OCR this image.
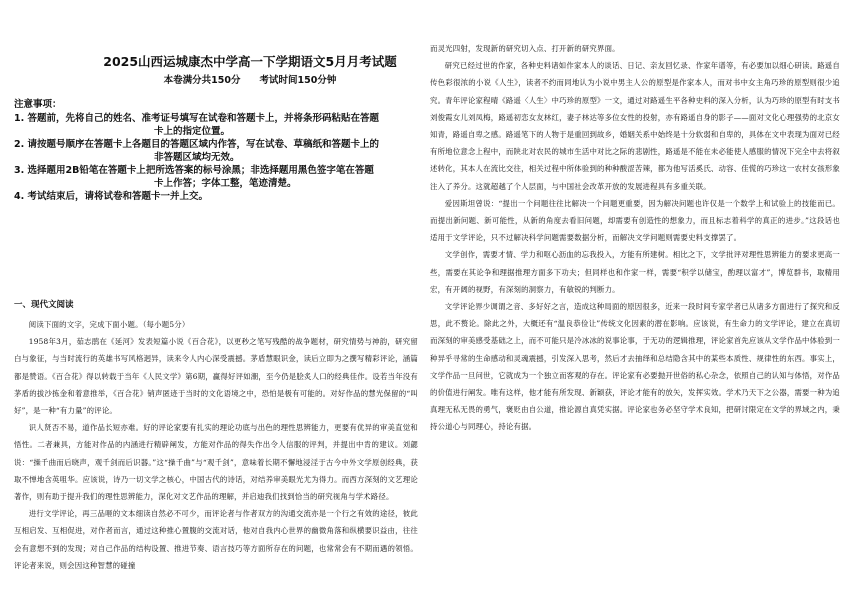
2025山西运城康杰中学高一下学期语文5月月考试题
本卷满分共150分　　考试时间150分钟
注意事项：
1. 答题前，先将自己的姓名、准考证号填写在试卷和答题卡上，并将条形码粘贴在答题
卡上的指定位置。
2. 请按题号顺序在答题卡上各题目的答题区域内作答，写在试卷、草稿纸和答题卡上的
非答题区域均无效。
3. 选择题用2B铅笔在答题卡上把所选答案的标号涂黑；非选择题用黑色签字笔在答题
卡上作答；字体工整，笔迹清楚。
4. 考试结束后，请将试卷和答题卡一并上交。
一、现代文阅读

阅读下面的文字，完成下面小题。（每小题5分）

1958年3月，茹志鹃在《延河》发表短篇小说《百合花》，以更秒之笔写残酷的战争题材，研究情势与神韵，研究留白与象征，与当时流行的英雄书写风格迥异，读来令人内心深受震撼。茅盾慧眼识金，读后立即为之撰写精彩评论，涵篇都是赞语。《百合花》得以转载于当年《人民文学》第6期，赢得好评如潮，至今仍是脍炙人口的经典佳作。设若当年没有茅盾的拔沙拣金和着意推举，《百合花》销声匿迹于当时的文化语境之中，恐怕是极有可能的。对好作品的慧光保留的“叫好”，是一种“有力量”的评论。

识人贤否不易，道作品长短亦难。好的评论家要有扎实的理论功底与出色的理性思辨能力，更要有优异的审美直觉和悟性。二者兼具，方能对作品的内涵进行精辟阐发，方能对作品的得失作出令人信服的评判，并提出中肯的建议。刘勰说：“操千曲而后晓声，观千剑而后识器。”这“操千曲”与“观千剑”，意味着长期不懈地浸淫于古今中外文学原创经典，获取不惮地含英咀华。应该说，诗乃一切文学之核心，中国古代的诗话，对结养审美眼光尤为得力。而西方深刻的文艺理论著作，则有助于提升我们的理性思辨能力，深化对文艺作品的理解，并启迪我们找到恰当的研究视角与学术路径。

进行文学评论，再三品咂的文本细读自然必不可少，而评论者与作者双方的沟通交流亦是一个行之有效的途径，彼此互相启发、互相促进，对作者而言，通过这种推心置腹的交流对话，他对自我内心世界的幽微角落和纵横要识益由，往往会有意想不到的发现；对自己作品的结构设置、推进节奏、语言技巧等方面所存在的问题，也常常会有不期而遇的领悟。评论者来说，则会因这种智慧的碰撞

而灵光四射，发现新的研究切入点、打开新的研究界面。

研究已经过世的作家，各种史料诸如作家本人的谈话、日记、亲友回忆录、作家年谱等，有必要加以细心研读。路遥自传色彩很浓的小说《人生》，读者不约而同地认为小说中男主人公的原型是作家本人，而对书中女主角巧珍的原型则很少追究。青年评论家程晴《路遥〈人生〉中巧珍的原型》一文，通过对路遥生平各种史料的深入分析，认为巧珍的原型有时支书刘俊霞女儿刘凤梅，路遥初恋女友林红，妻子林达等多位女性的投射，亦有路遥自身的影子——面对文化心理强势的北京女知青，路遥自卑之感。路遥笔下的人物于是重回到故乡，婚姻关系中始终是十分软弱和自卑的，具体在文中表现为面对已经有所地位意念上程中，而陕北对农民的城市生活中对比之际的悲剧性，路遥是不能在未必能使人感服的情况下完全中去将叙述转化，其本人在流比交往，相关过程中所体验到的种种酸涩苦辣，都为他写活奚氏、动容、佳慌的巧珍这一农村女孩形象注入了养分。这就超越了个人层面，与中国社会改革开放的发展进程具有多重关联。

爱因斯坦曾说：“提出一个问题往往比解决一个问题更重要，因为解决问题也许仅是一个数学上和试验上的技能而已。而提出新问题、新可能性，从新的角度去看旧问题，却需要有创造性的想象力，而且标志着科学的真正的进步。”这段话也适用于文学评论，只不过解决科学问题需要数据分析，而解决文学问题则需要史料支撑罢了。

文学创作，需要才情、学力和呕心沥血的忘我投入，方能有所建树。相比之下，文学批评对理性思辨能力的要求更高一些，需要在其论争和理据推理方面多下功夫；但同样也和作家一样，需要“积学以储宝，酌理以富才”，博览群书，取精用宏，有开阔的视野，有深刻的洞察力，有敏锐的判断力。

文学评论界少调谓之音、多好好之言，造成这种局面的原因很多，近来一段时间专家学者已从诸多方面进行了探究和反思，此不赘论。除此之外，大概还有“温良恭俭让”传统文化因素的潜在影响。应该说，有生命力的文学评论，建立在真切而深刻的审美感受基础之上，而不可能只是冷冰冰的说事论事，于无功的逻辑推理，评论家首先应该从文学作品中体验到一种异乎寻常的生命感动和灵魂震撼，引发深入思考，然后才去抽绎和总结隐含其中的某些本质性、规律性的东西。事实上，文学作品一旦问世，它就成为一个独立而客观的存在。评论家有必要抛开世俗的私心杂念，依照自己的认知与体悟，对作品的价值进行阐发。唯有这样，他才能有所发现、新颖获，评论才能有的放矢，发挥实效。学术乃天下之公器，需要一种为追真理无私无畏的勇气，褒贬由自公道，推论源自真凭实据。评论家也务必坚守学术良知，把研讨限定在文学的界域之内，秉持公道心与同理心，持论有据。
